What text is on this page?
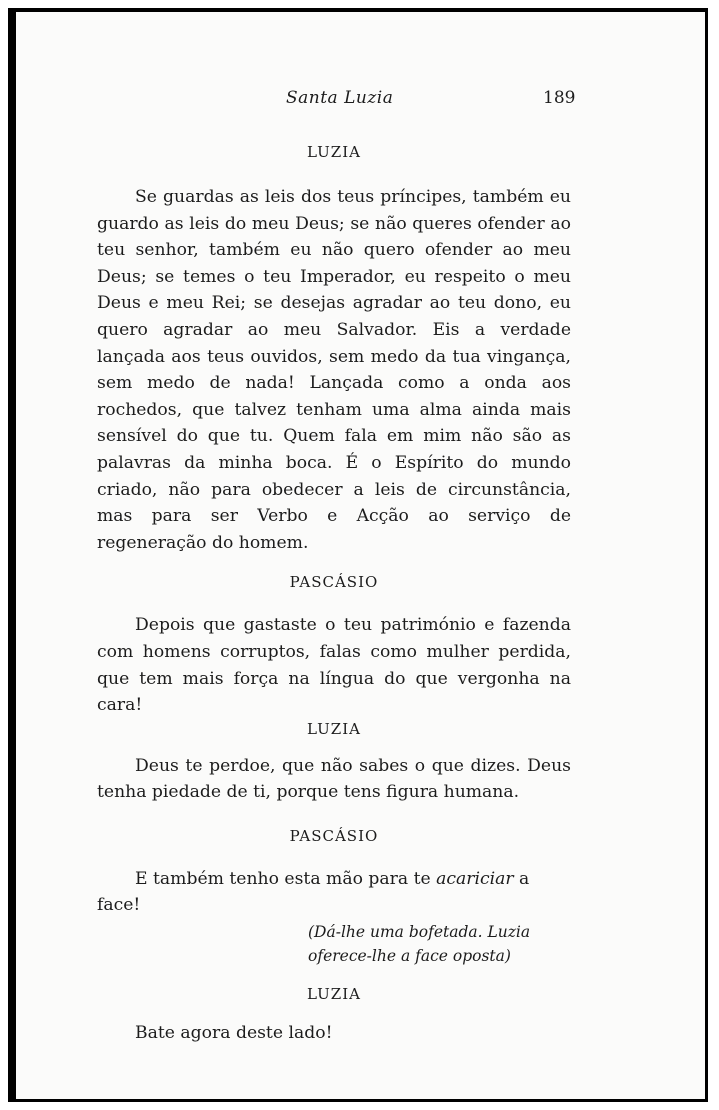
Santa Luzia	189

LUZIA

Se guardas as leis dos teus príncipes, também eu guardo as leis do meu Deus; se não queres ofender ao teu senhor, também eu não quero ofender ao meu Deus; se temes o teu Imperador, eu respeito o meu Deus e meu Rei; se desejas agradar ao teu dono, eu quero agradar ao meu Salvador. Eis a verdade lançada aos teus ouvidos, sem medo da tua vingança, sem medo de nada! Lançada como a onda aos rochedos, que talvez tenham uma alma ainda mais sensível do que tu. Quem fala em mim não são as palavras da minha boca. É o Espírito do mundo criado, não para obedecer a leis de circunstância, mas para ser Verbo e Acção ao serviço de regeneração do homem.

PASCÁSIO

Depois que gastaste o teu património e fazenda com homens corruptos, falas como mulher perdida, que tem mais força na língua do que vergonha na cara!

LUZIA

Deus te perdoe, que não sabes o que dizes. Deus tenha piedade de ti, porque tens figura humana.

PASCÁSIO

E também tenho esta mão para te acariciar a face!

(Dá-lhe uma bofetada. Luzia oferece-lhe a face oposta)

LUZIA

Bate agora deste lado!
